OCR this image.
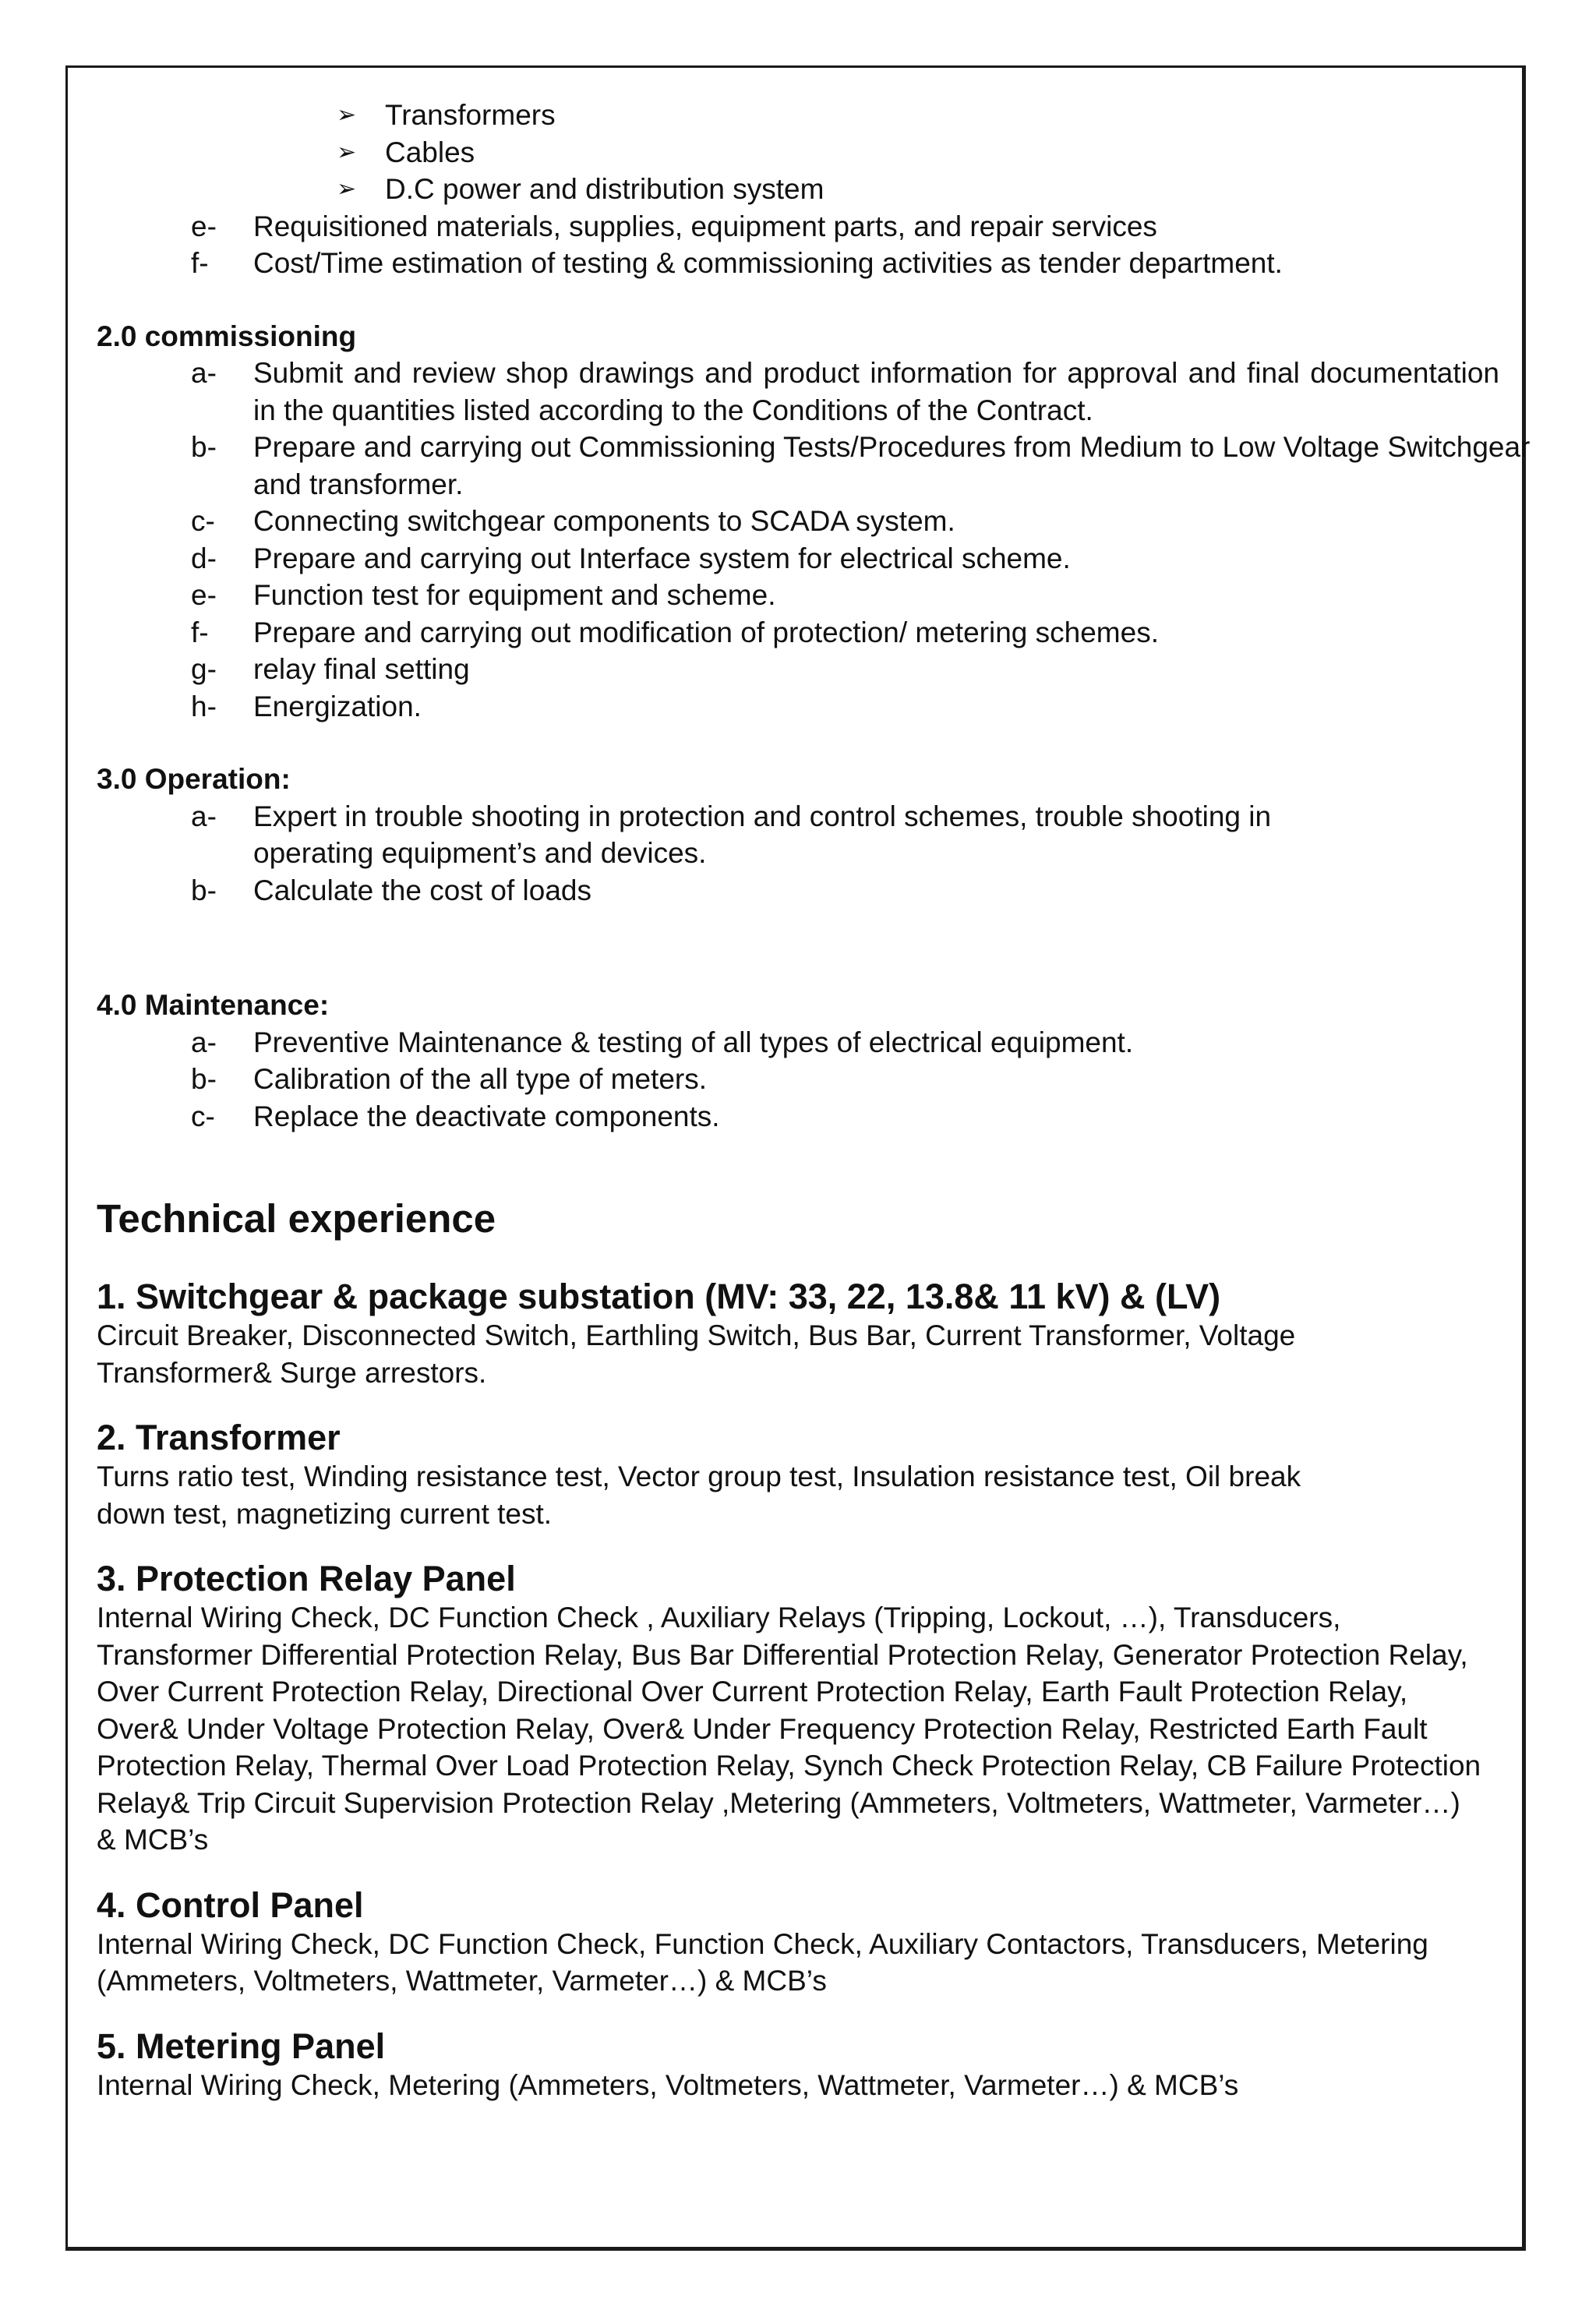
➢ Transformers
➢ Cables
➢ D.C power and distribution system
e- Requisitioned materials, supplies, equipment parts, and repair services
f- Cost/Time estimation of testing & commissioning activities as tender department.
2.0 commissioning
a- Submit and review shop drawings and product information for approval and final documentation in the quantities listed according to the Conditions of the Contract.
b- Prepare and carrying out Commissioning Tests/Procedures from Medium to Low Voltage Switchgear and transformer.
c- Connecting switchgear components to SCADA system.
d- Prepare and carrying out Interface system for electrical scheme.
e- Function test for equipment and scheme.
f- Prepare and carrying out modification of protection/ metering schemes.
g- relay final setting
h- Energization.
3.0 Operation:
a- Expert in trouble shooting in protection and control schemes, trouble shooting in operating equipment’s and devices.
b- Calculate the cost of loads
4.0 Maintenance:
a- Preventive Maintenance & testing of all types of electrical equipment.
b- Calibration of the all type of meters.
c- Replace the deactivate components.
Technical experience
1. Switchgear & package substation (MV: 33, 22, 13.8& 11 kV) & (LV)
Circuit Breaker, Disconnected Switch, Earthling Switch, Bus Bar, Current Transformer, Voltage Transformer& Surge arrestors.
2. Transformer
Turns ratio test, Winding resistance test, Vector group test, Insulation resistance test, Oil break down test, magnetizing current test.
3. Protection Relay Panel
Internal Wiring Check, DC Function Check , Auxiliary Relays (Tripping, Lockout, …), Transducers, Transformer Differential Protection Relay, Bus Bar Differential Protection Relay, Generator Protection Relay, Over Current Protection Relay, Directional Over Current Protection Relay, Earth Fault Protection Relay, Over& Under Voltage Protection Relay, Over& Under Frequency Protection Relay, Restricted Earth Fault Protection Relay, Thermal Over Load Protection Relay, Synch Check Protection Relay, CB Failure Protection Relay& Trip Circuit Supervision Protection Relay ,Metering (Ammeters, Voltmeters, Wattmeter, Varmeter…) & MCB’s
4. Control Panel
Internal Wiring Check, DC Function Check, Function Check, Auxiliary Contactors, Transducers, Metering (Ammeters, Voltmeters, Wattmeter, Varmeter…) & MCB’s
5. Metering Panel
Internal Wiring Check, Metering (Ammeters, Voltmeters, Wattmeter, Varmeter…) & MCB’s
